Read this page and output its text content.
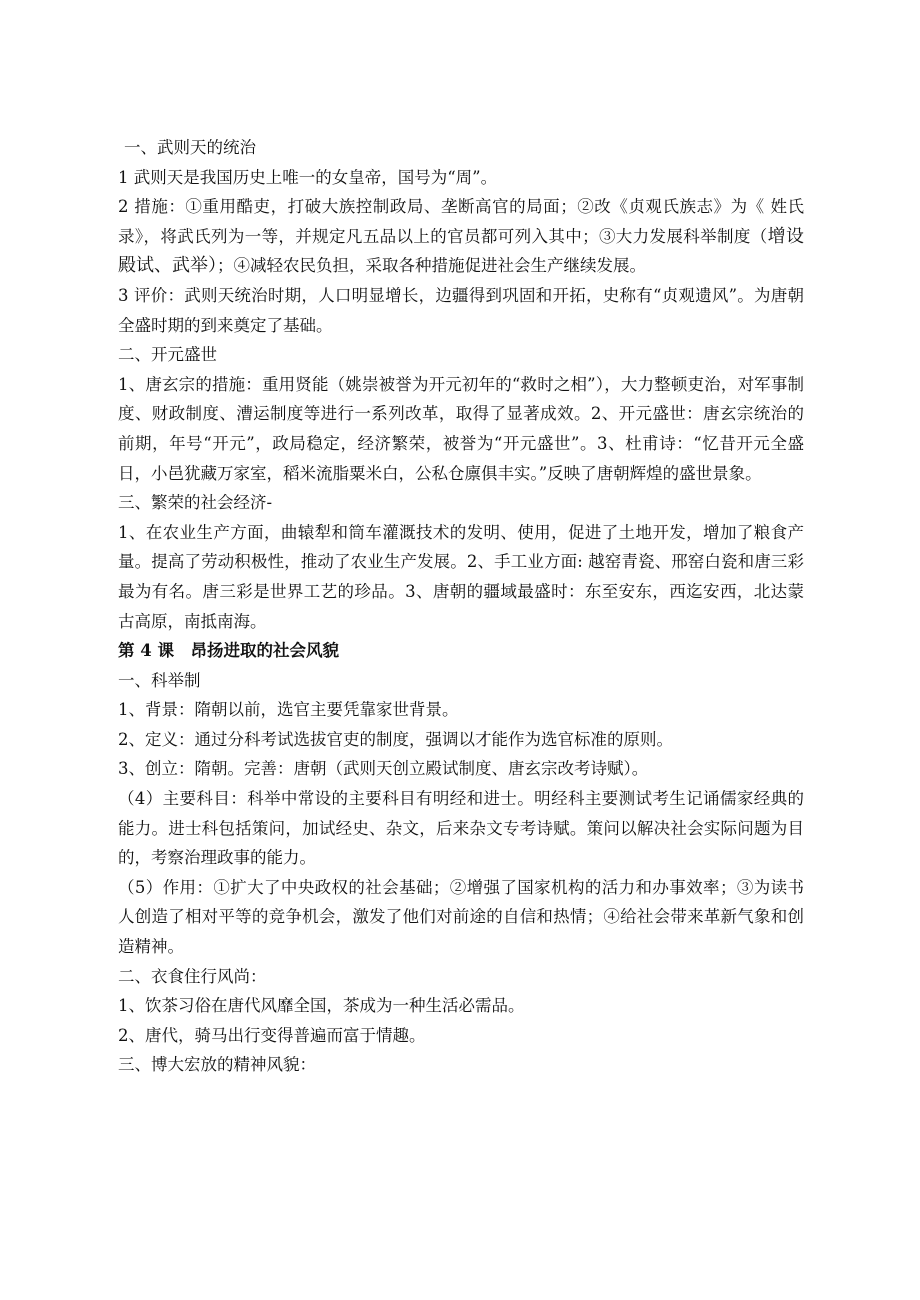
一、武则天的统治

1 武则天是我国历史上唯一的女皇帝，国号为“周”。

2 措施：①重用酷吏，打破大族控制政局、垄断高官的局面；②改《贞观氏族志》为《 姓氏录》，将武氏列为一等，并规定凡五品以上的官员都可列入其中；③大力发展科举制度（增设殿试、武举）；④减轻农民负担，采取各种措施促进社会生产继续发展。

3 评价：武则天统治时期，人口明显增长，边疆得到巩固和开拓，史称有“贞观遗风”。为唐朝全盛时期的到来奠定了基础。

二、开元盛世

1、唐玄宗的措施：重用贤能（姚崇被誉为开元初年的“救时之相”），大力整顿吏治，对军事制度、财政制度、漕运制度等进行一系列改革，取得了显著成效。2、开元盛世：唐玄宗统治的前期，年号“开元”，政局稳定，经济繁荣，被誉为“开元盛世”。3、杜甫诗：“忆昔开元全盛日，小邑犹藏万家室，稻米流脂粟米白，公私仓廪俱丰实。”反映了唐朝辉煌的盛世景象。

三、繁荣的社会经济-

1、在农业生产方面，曲辕犁和筒车灌溉技术的发明、使用，促进了土地开发，增加了粮食产量。提高了劳动积极性，推动了农业生产发展。2、手工业方面: 越窑青瓷、邢窑白瓷和唐三彩最为有名。唐三彩是世界工艺的珍品。3、唐朝的疆域最盛时：东至安东，西迄安西，北达蒙古高原，南抵南海。

第 4 课　昂扬进取的社会风貌

一、科举制

1、背景：隋朝以前，选官主要凭靠家世背景。

2、定义：通过分科考试选拔官吏的制度，强调以才能作为选官标准的原则。

3、创立：隋朝。完善：唐朝（武则天创立殿试制度、唐玄宗改考诗赋）。

（4）主要科目：科举中常设的主要科目有明经和进士。明经科主要测试考生记诵儒家经典的能力。进士科包括策问，加试经史、杂文，后来杂文专考诗赋。策问以解决社会实际问题为目的，考察治理政事的能力。

（5）作用：①扩大了中央政权的社会基础；②增强了国家机构的活力和办事效率；③为读书人创造了相对平等的竞争机会，激发了他们对前途的自信和热情；④给社会带来革新气象和创造精神。

二、衣食住行风尚：

1、饮茶习俗在唐代风靡全国，茶成为一种生活必需品。

2、唐代，骑马出行变得普遍而富于情趣。

三、博大宏放的精神风貌：
